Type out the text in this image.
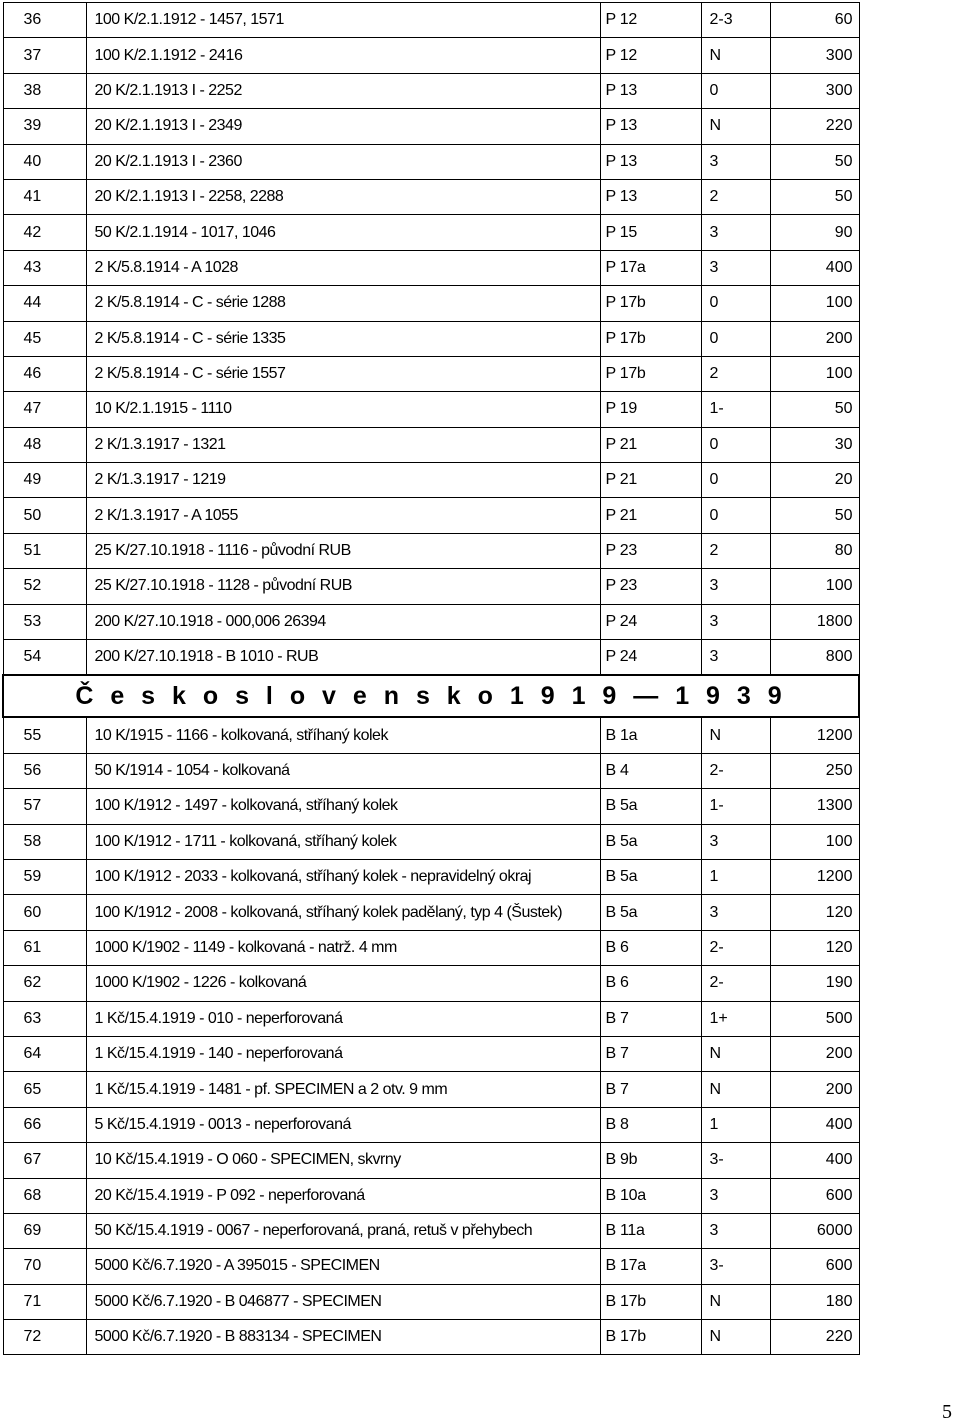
36	100 K/2.1.1912 - 1457, 1571		P 12	2-3	60
37	100 K/2.1.1912 - 2416		P 12	N	300
38	20 K/2.1.1913 I - 2252		P 13	0	300
39	20 K/2.1.1913 I - 2349		P 13	N	220
40	20 K/2.1.1913 I - 2360		P 13	3	50
41	20 K/2.1.1913 I - 2258, 2288		P 13	2	50
42	50 K/2.1.1914 - 1017, 1046		P 15	3	90
43	2 K/5.8.1914 - A 1028		P 17a	3	400
44	2 K/5.8.1914 - C - série 1288		P 17b	0	100
45	2 K/5.8.1914 - C - série 1335		P 17b	0	200
46	2 K/5.8.1914 - C - série 1557		P 17b	2	100
47	10 K/2.1.1915 - 1110		P 19	1-	50
48	2 K/1.3.1917 - 1321		P 21	0	30
49	2 K/1.3.1917 - 1219		P 21	0	20
50	2 K/1.3.1917 - A 1055		P 21	0	50
51	25 K/27.10.1918 - 1116 - původní RUB		P 23	2	80
52	25 K/27.10.1918 - 1128 - původní RUB		P 23	3	100
53	200 K/27.10.1918 - 000,006 26394		P 24	3	1800
54	200 K/27.10.1918 - B 1010 - RUB		P 24	3	800
Č e s k o s l o v e n s k o 1 9 1 9 — 1 9 3 9				
55	10 K/1915 - 1166 - kolkovaná, stříhaný kolek		B 1a	N	1200
56	50 K/1914 - 1054 - kolkovaná		B 4	2-	250
57	100 K/1912 - 1497 - kolkovaná, stříhaný kolek		B 5a	1-	1300
58	100 K/1912 - 1711 - kolkovaná, stříhaný kolek		B 5a	3	100
59	100 K/1912 - 2033 - kolkovaná, stříhaný kolek - nepravidelný okraj		B 5a	1	1200
60	100 K/1912 - 2008 - kolkovaná, stříhaný kolek padělaný, typ 4 (Šustek)		B 5a	3	120
61	1000 K/1902 - 1149 - kolkovaná - natrž. 4 mm		B 6	2-	120
62	1000 K/1902 - 1226 - kolkovaná		B 6	2-	190
63	1 Kč/15.4.1919 - 010 - neperforovaná		B 7	1+	500
64	1 Kč/15.4.1919 - 140 - neperforovaná		B 7	N	200
65	1 Kč/15.4.1919 - 1481 - pf. SPECIMEN a 2 otv. 9 mm		B 7	N	200
66	5 Kč/15.4.1919 - 0013 - neperforovaná		B 8	1	400
67	10 Kč/15.4.1919 - O 060 - SPECIMEN, skvrny		B 9b	3-	400
68	20 Kč/15.4.1919 - P 092 - neperforovaná		B 10a	3	600
69	50 Kč/15.4.1919 - 0067 - neperforovaná, praná, retuš v přehybech		B 11a	3	6000
70	5000 Kč/6.7.1920 - A 395015 - SPECIMEN		B 17a	3-	600
71	5000 Kč/6.7.1920 - B 046877 - SPECIMEN		B 17b	N	180
72	5000 Kč/6.7.1920 - B 883134 - SPECIMEN		B 17b	N	220
5
